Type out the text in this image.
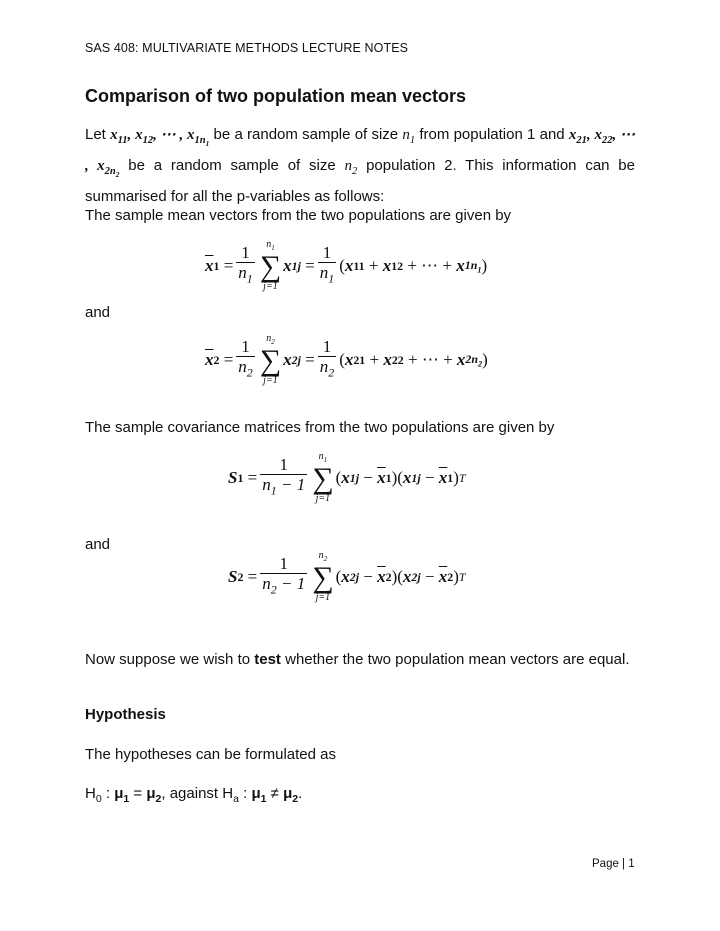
SAS 408: MULTIVARIATE METHODS LECTURE NOTES
Comparison of two population mean vectors
Let $x_{11}$, $x_{12}$, ⋯ , $x_{1n_1}$ be a random sample of size $n_1$ from population 1 and $x_{21}$, $x_{22}$, ⋯ , $x_{2n_2}$ be a random sample of size $n_2$ population 2. This information can be summarised for all the p-variables as follows:
The sample mean vectors from the two populations are given by
$\overline{x}$ $1 = \frac{1}{n_1} n_1$
∑
j=1
x $1j = \frac{1}{n_1}$ ( x 11 + x 12 + ⋯ + x $1n_1$ )
and
$\overline{x}$ $2 = \frac{1}{n_2} n_2$
∑
j=1
x $2j = \frac{1}{n_2}$ ( x 21 + x 22 + ⋯ + x $2n_2$ )
The sample covariance matrices from the two populations are given by
S $1 = \frac{1}{n_1 - 1} n_1$
∑
j=1
( x $1j - \overline{x}$ 1 )( x $1j - \overline{x}$ 1 ) T
and
S $2 = \frac{1}{n_2 - 1} n_2$
∑
j=1
( x $2j - \overline{x}$ 2 )( x $2j - \overline{x}$ 2 ) T
Now suppose we wish to test whether the two population mean vectors are equal.
Hypothesis
The hypotheses can be formulated as
$H_0$ : $\mu_1 = \mu_2$, against $H_a$ : $\mu_1 \ne \mu_2$.
Page | 1
